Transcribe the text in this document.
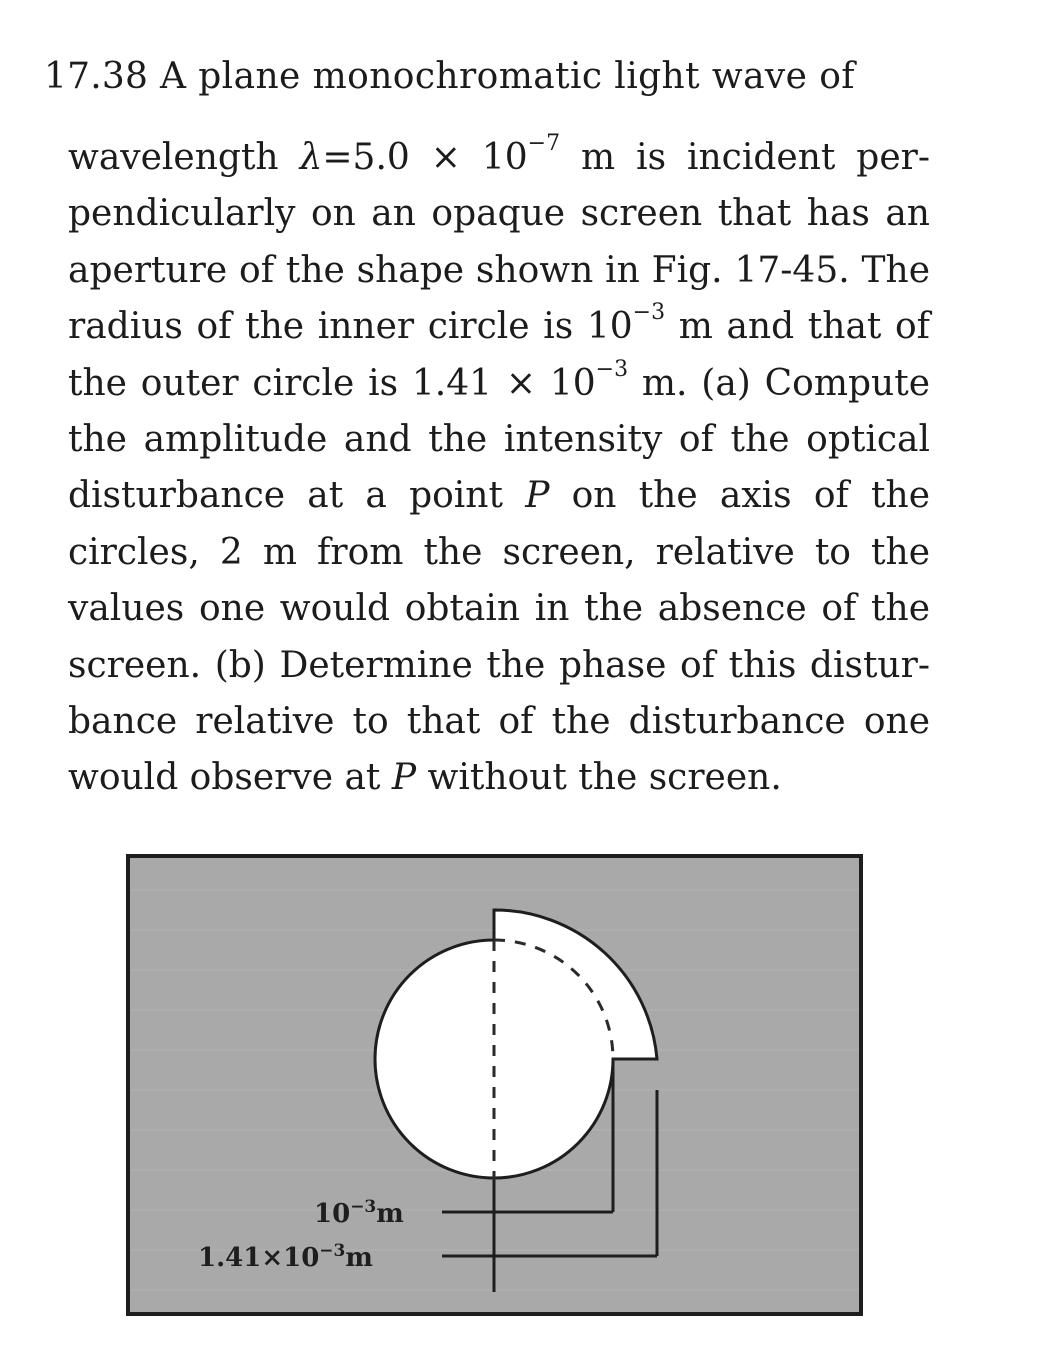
17.38 A plane monochromatic light wave of
wavelength $\lambda=5.0 \times 10^{-7}$ m is incident per-
pendicularly on an opaque screen that has an
aperture of the shape shown in Fig. 17-45. The
radius of the inner circle is $10^{-3}$ m and that of
the outer circle is $1.41 \times 10^{-3}$ m. (a) Compute
the amplitude and the intensity of the optical
disturbance at a point P on the axis of the
circles, 2 m from the screen, relative to the
values one would obtain in the absence of the
screen. (b) Determine the phase of this distur-
bance relative to that of the disturbance one
would observe at P without the screen.
$10^{-3}m$
$1.41\times 10^{-3}m$
